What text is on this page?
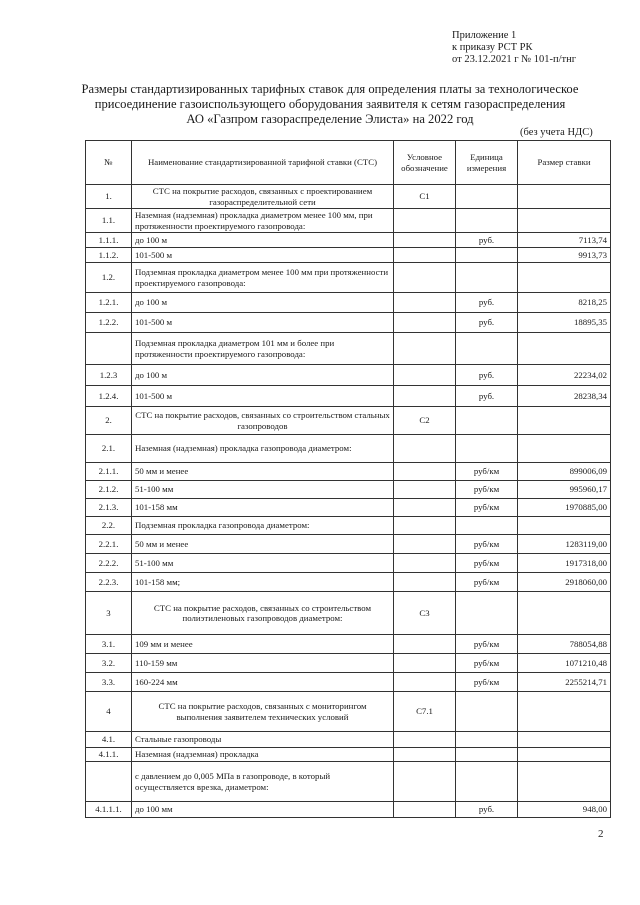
Приложение 1
к приказу РСТ РК
от 23.12.2021 г № 101-п/тнг
Размеры стандартизированных тарифных ставок для определения платы за технологическое
присоединение газоиспользующего оборудования заявителя к сетям газораспределения
АО «Газпром газораспределение Элиста» на 2022 год
(без учета НДС)
№	Наименование стандартизированной тарифной ставки (СТС)	Условное обозначение	Единица измерения	Размер ставки
1.	СТС на покрытие расходов, связанных с проектированием газораспределительной сети	С1		
1.1.	Наземная (надземная) прокладка диаметром менее 100 мм, при протяженности проектируемого газопровода:			
1.1.1.	до 100 м		руб.	7113,74
1.1.2.	101-500 м			9913,73
1.2.	Подземная прокладка диаметром менее 100 мм при протяженности проектируемого газопровода:			
1.2.1.	до 100 м		руб.	8218,25
1.2.2.	101-500 м		руб.	18895,35
	Подземная прокладка диаметром 101 мм и более при протяженности проектируемого газопровода:			
1.2.3	до 100 м		руб.	22234,02
1.2.4.	101-500 м		руб.	28238,34
2.	СТС на покрытие расходов, связанных со строительством стальных газопроводов	С2		
2.1.	Наземная (надземная) прокладка газопровода диаметром:			
2.1.1.	50 мм и менее		руб/км	899006,09
2.1.2.	51-100 мм		руб/км	995960,17
2.1.3.	101-158 мм		руб/км	1970885,00
2.2.	Подземная прокладка газопровода диаметром:			
2.2.1.	50 мм и менее		руб/км	1283119,00
2.2.2.	51-100 мм		руб/км	1917318,00
2.2.3.	101-158 мм;		руб/км	2918060,00
3	СТС на покрытие расходов, связанных со строительством полиэтиленовых газопроводов диаметром:	С3		
3.1.	109 мм и менее		руб/км	788054,88
3.2.	110-159 мм		руб/км	1071210,48
3.3.	160-224 мм		руб/км	2255214,71
4	СТС на покрытие расходов, связанных с мониторингом выполнения заявителем технических условий	С7.1		
4.1.	Стальные газопроводы			
4.1.1.	Наземная (надземная) прокладка			
	с давлением до 0,005 МПа в газопроводе, в который осуществляется врезка, диаметром:			
4.1.1.1.	до 100 мм		руб.	948,00
2
